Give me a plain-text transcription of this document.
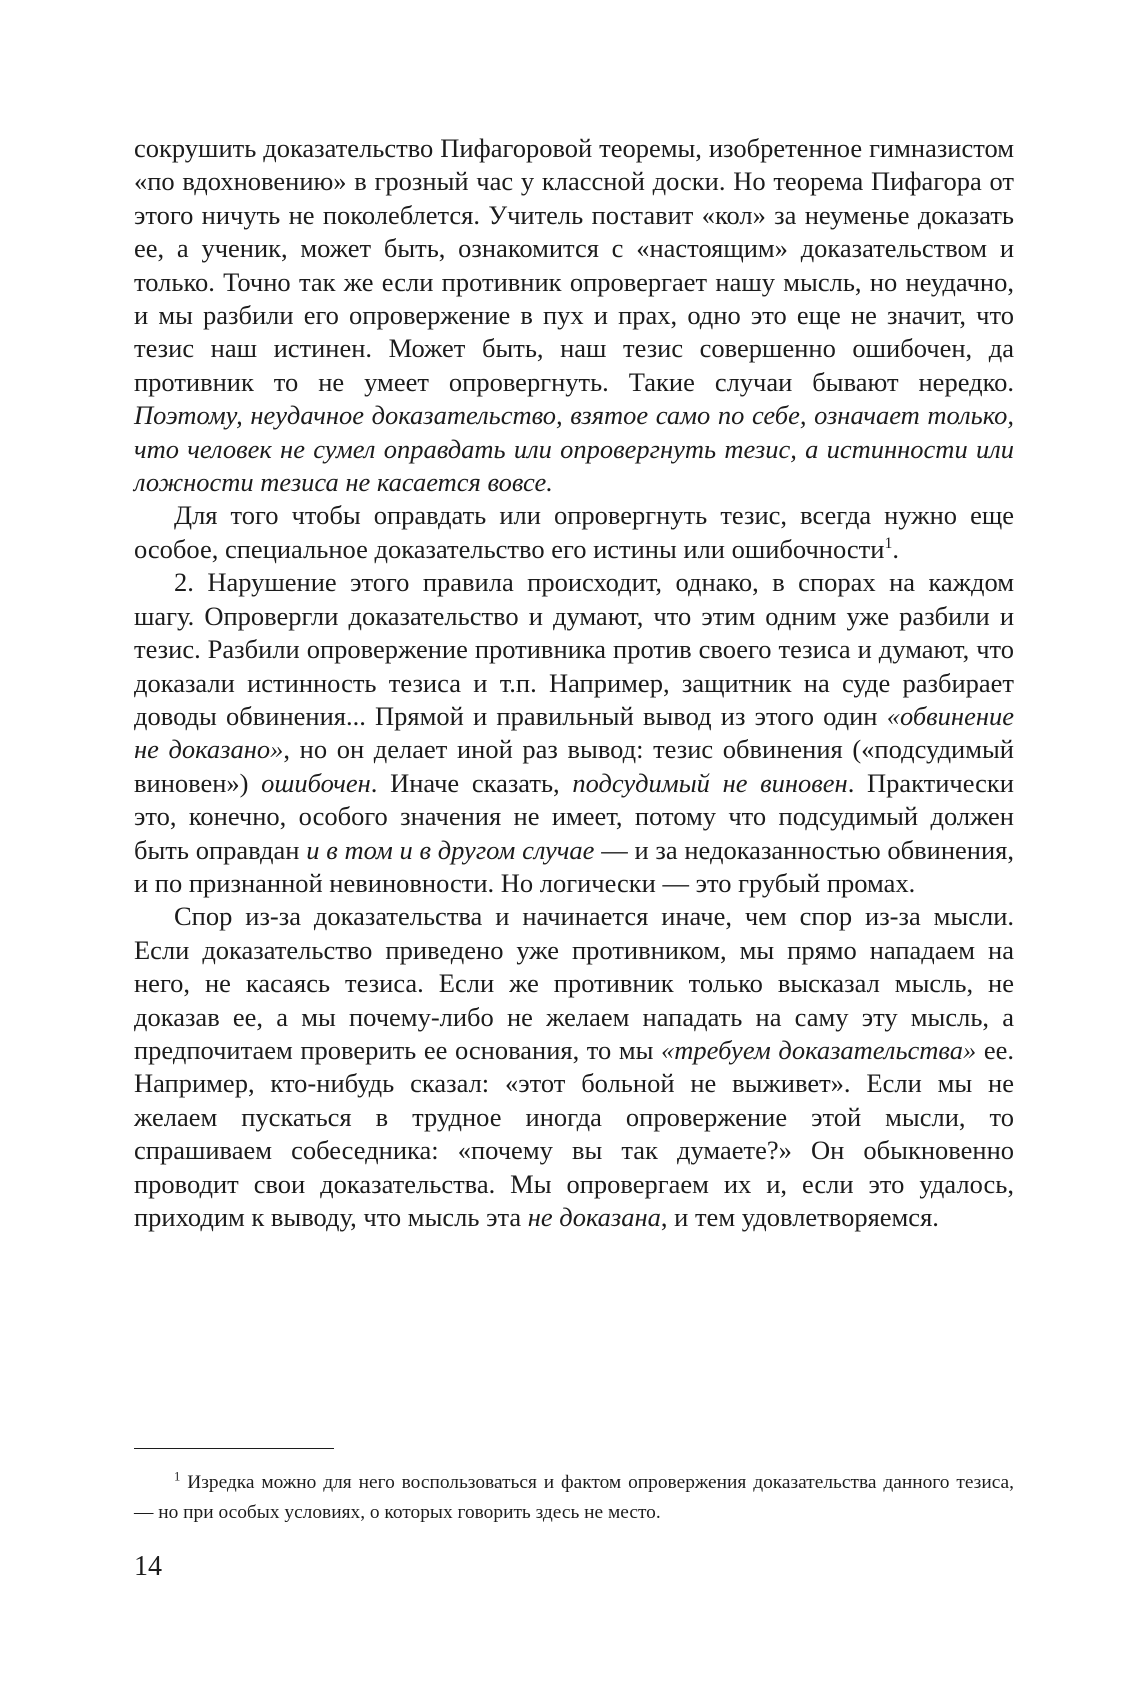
сокрушить доказательство Пифагоровой теоремы, изобретенное гимназистом «по вдохновению» в грозный час у классной доски. Но теорема Пифагора от этого ничуть не поколеблется. Учитель поставит «кол» за неуменье доказать ее, а ученик, может быть, ознакомится с «настоящим» доказательством и только. Точно так же если противник опровергает нашу мысль, но неудачно, и мы разбили его опровержение в пух и прах, одно это еще не значит, что тезис наш истинен. Может быть, наш тезис совершенно ошибочен, да противник то не умеет опровергнуть. Такие случаи бывают нередко. Поэтому, неудачное доказательство, взятое само по себе, означает только, что человек не сумел оправдать или опровергнуть тезис, а истинности или ложности тезиса не касается вовсе.

Для того чтобы оправдать или опровергнуть тезис, всегда нужно еще особое, специальное доказательство его истины или ошибочности$^1$.

2. Нарушение этого правила происходит, однако, в спорах на каждом шагу. Опровергли доказательство и думают, что этим одним уже разбили и тезис. Разбили опровержение противника против своего тезиса и думают, что доказали истинность тезиса и т.п. Например, защитник на суде разбирает доводы обвинения... Прямой и правильный вывод из этого один «обвинение не доказано», но он делает иной раз вывод: тезис обвинения («подсудимый виновен») ошибочен. Иначе сказать, подсудимый не виновен. Практически это, конечно, особого значения не имеет, потому что подсудимый должен быть оправдан и в том и в другом случае — и за недоказанностью обвинения, и по признанной невиновности. Но логически — это грубый промах.

Спор из-за доказательства и начинается иначе, чем спор из-за мысли. Если доказательство приведено уже противником, мы прямо нападаем на него, не касаясь тезиса. Если же противник только высказал мысль, не доказав ее, а мы почему-либо не желаем нападать на саму эту мысль, а предпочитаем проверить ее основания, то мы «требуем доказательства» ее. Например, кто-нибудь сказал: «этот больной не выживет». Если мы не желаем пускаться в трудное иногда опровержение этой мысли, то спрашиваем собеседника: «почему вы так думаете?» Он обыкновенно проводит свои доказательства. Мы опровергаем их и, если это удалось, приходим к выводу, что мысль эта не доказана, и тем удовлетворяемся.

$^1$ Изредка можно для него воспользоваться и фактом опровержения доказательства данного тезиса, — но при особых условиях, о которых говорить здесь не место.

14
